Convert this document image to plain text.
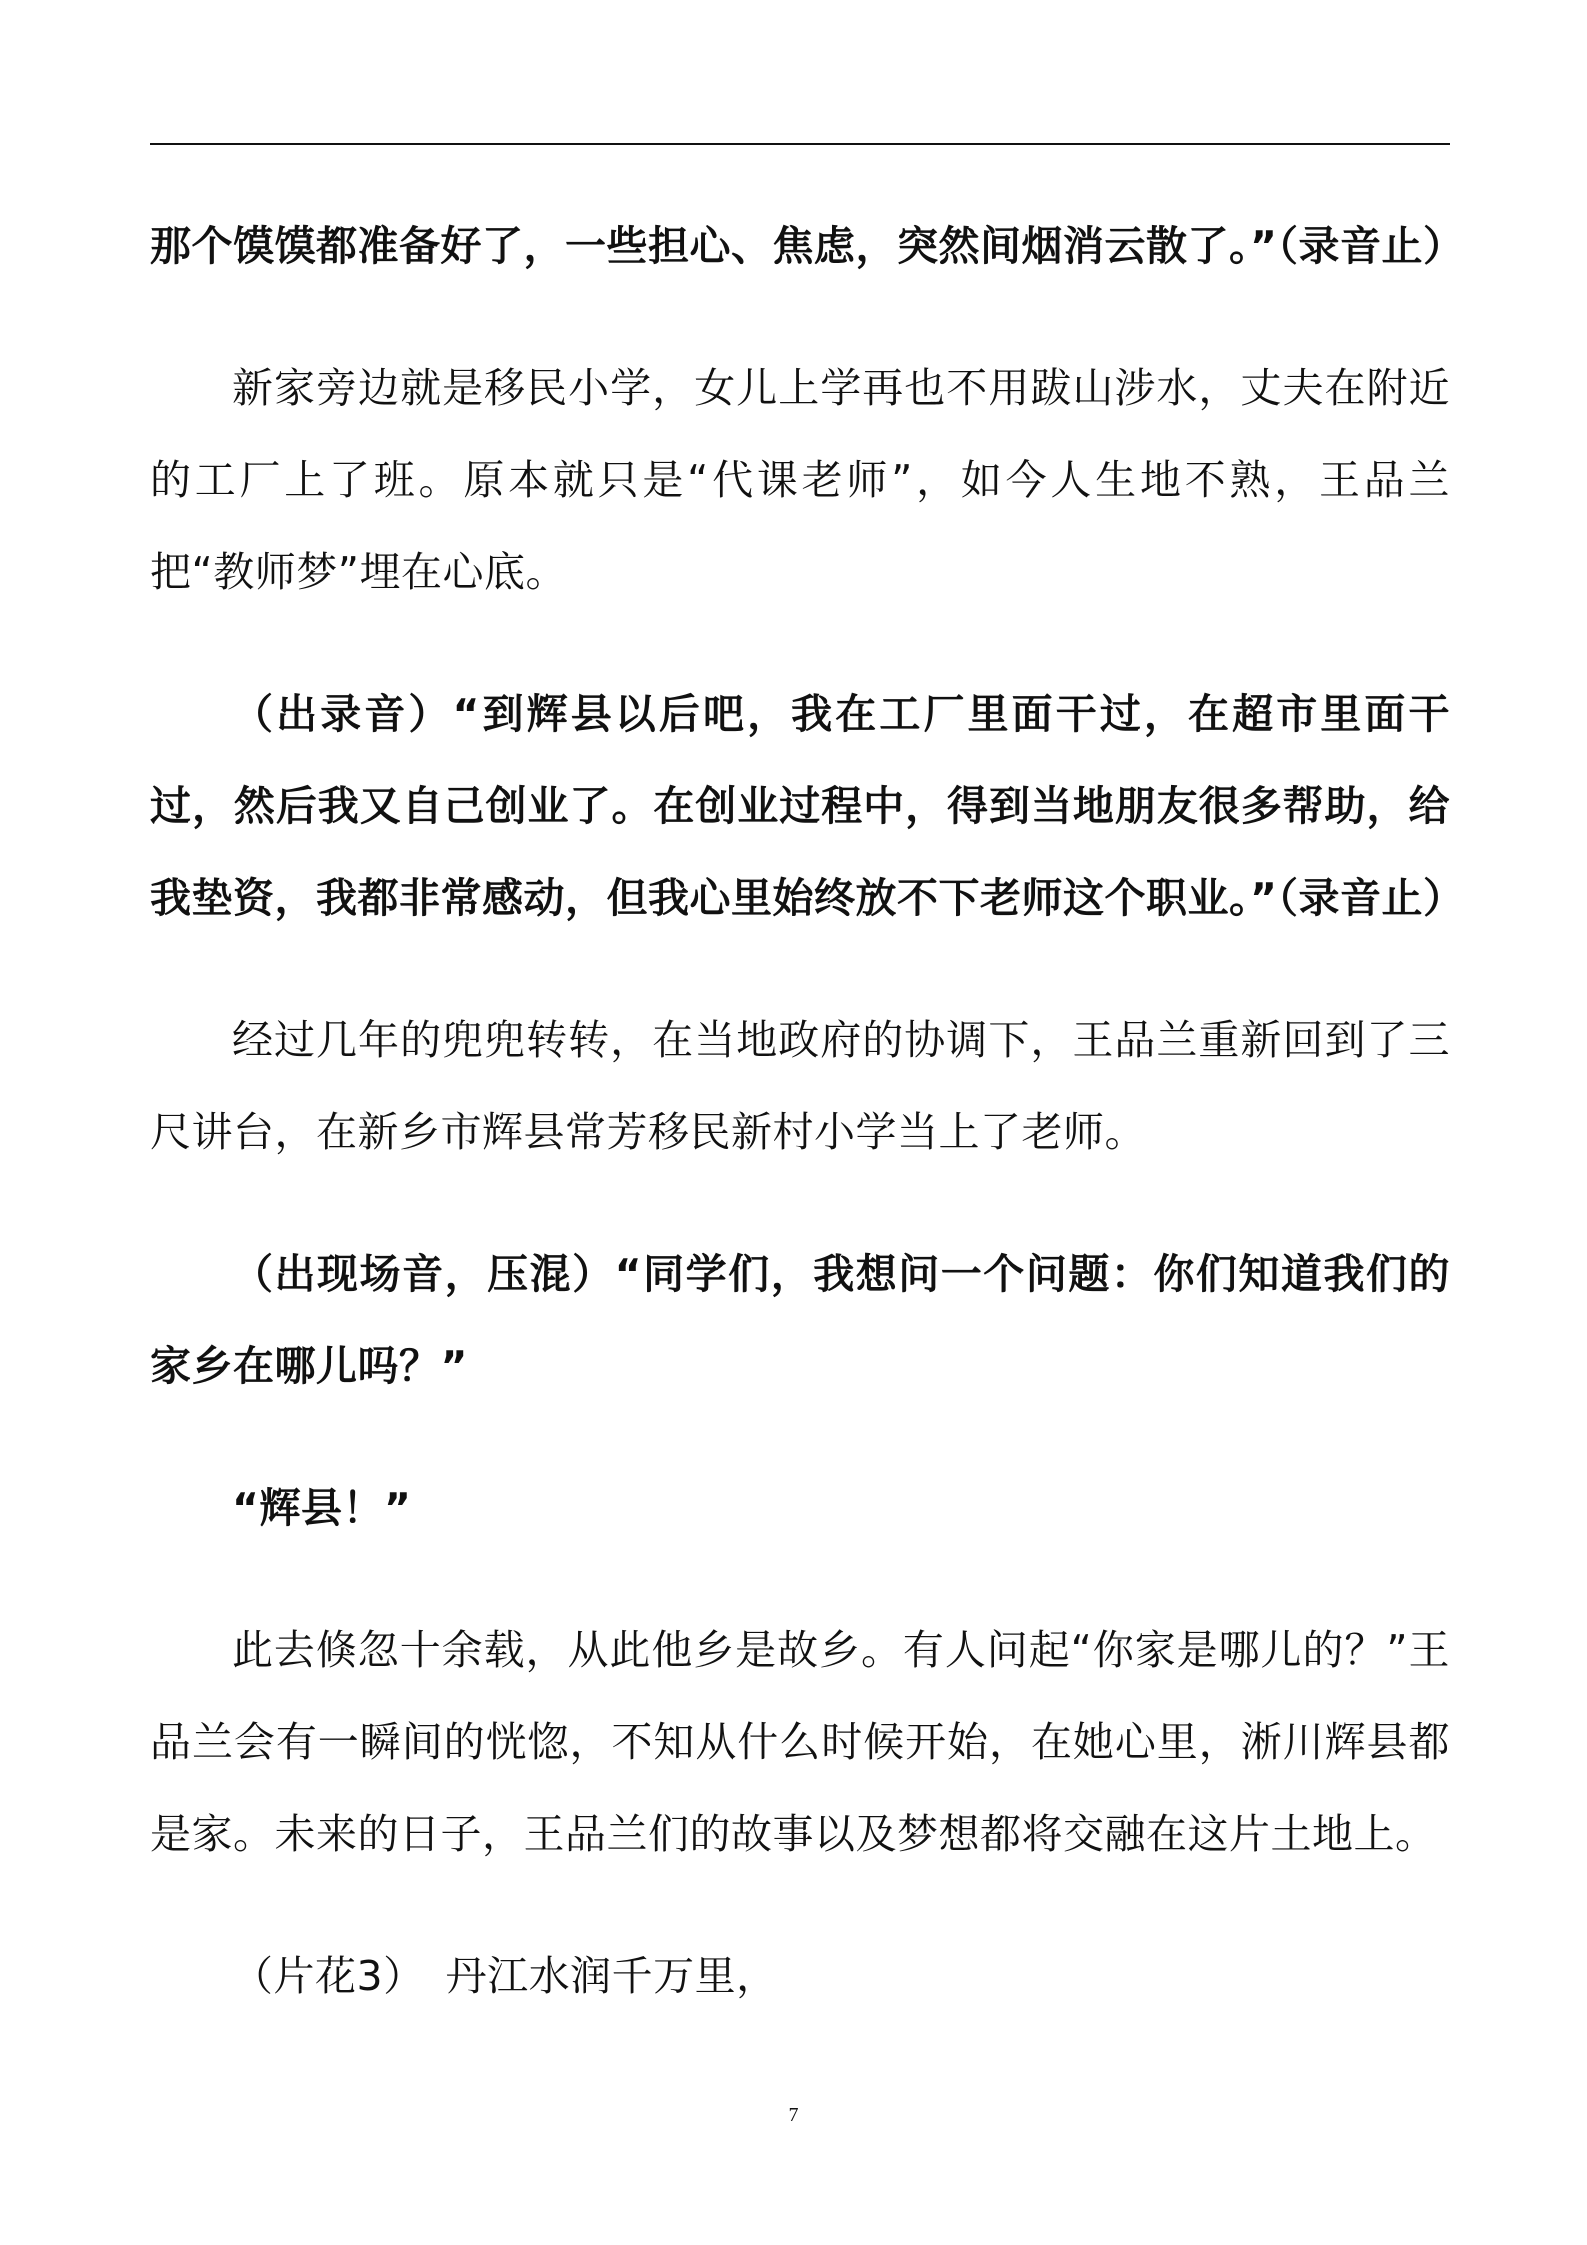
那个馍馍都准备好了，一些担心、焦虑，突然间烟消云散了。”（录音止）

新家旁边就是移民小学，女儿上学再也不用跋山涉水，丈夫在附近的工厂上了班。原本就只是“代课老师”，如今人生地不熟，王品兰把“教师梦”埋在心底。

（出录音）“到辉县以后吧，我在工厂里面干过，在超市里面干过，然后我又自己创业了。在创业过程中，得到当地朋友很多帮助，给我垫资，我都非常感动，但我心里始终放不下老师这个职业。”（录音止）

经过几年的兜兜转转，在当地政府的协调下，王品兰重新回到了三尺讲台，在新乡市辉县常芳移民新村小学当上了老师。

（出现场音，压混）“同学们，我想问一个问题：你们知道我们的家乡在哪儿吗？”

“辉县！”

此去倏忽十余载，从此他乡是故乡。有人问起“你家是哪儿的？”王品兰会有一瞬间的恍惚，不知从什么时候开始，在她心里，淅川辉县都是家。未来的日子，王品兰们的故事以及梦想都将交融在这片土地上。

（片花3）　丹江水润千万里，

7
